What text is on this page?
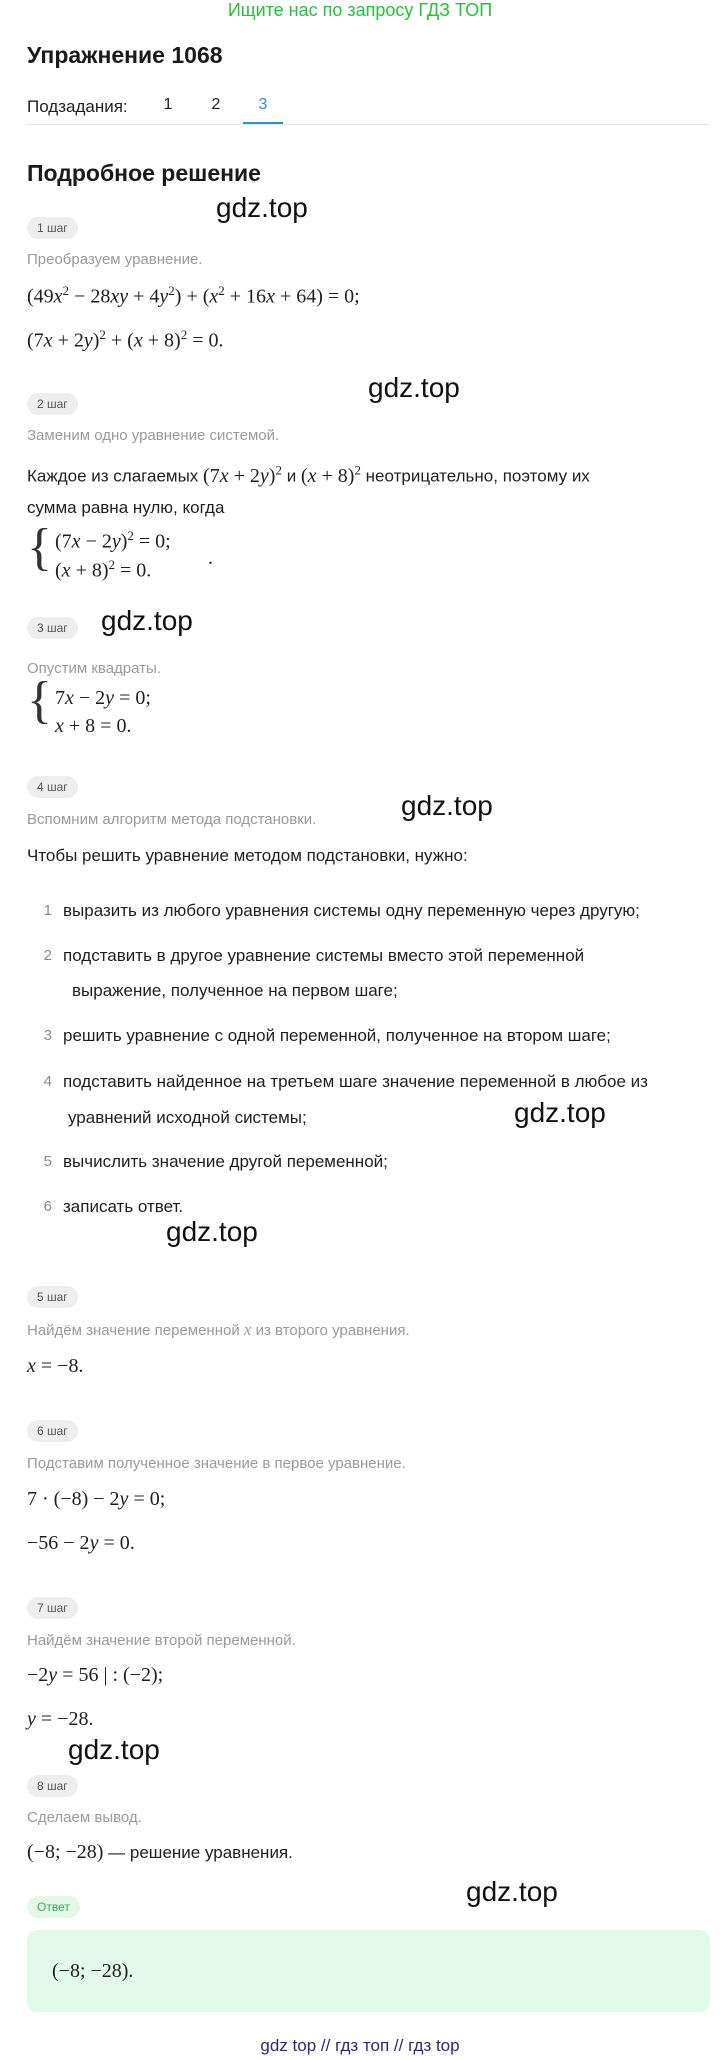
Ищите нас по запросу ГДЗ ТОП
Упражнение 1068
Подзадания:	1	2	3
Подробное решение
1 шаг
gdz.top
Преобразуем уравнение.
$(49x^2 - 28xy + 4y^2) + (x^2 + 16x + 64) = 0$;
$(7x + 2y)^2 + (x + 8)^2 = 0$.
gdz.top
2 шаг
Заменим одно уравнение системой.
Каждое из слагаемых $(7x + 2y)^2$ и $(x + 8)^2$ неотрицательно, поэтому их
сумма равна нулю, когда
{ $(7x - 2y)^2 = 0$;
$(x + 8)^2 = 0$.
.
gdz.top
3 шаг
Опустим квадраты.
{ 7x − 2y = 0;
x + 8 = 0.
4 шаг
Вспомним алгоритм метода подстановки.	gdz.top
Чтобы решить уравнение методом подстановки, нужно:
1 выразить из любого уравнения системы одну переменную через другую;
2 подставить в другое уравнение системы вместо этой переменной
выражение, полученное на первом шаге;
3 решить уравнение с одной переменной, полученное на втором шаге;
4 подставить найденное на третьем шаге значение переменной в любое из
уравнений исходной системы;	gdz.top
5 вычислить значение другой переменной;
6 записать ответ.
gdz.top
5 шаг
Найдём значение переменной x из второго уравнения.
x = −8.
6 шаг
Подставим полученное значение в первое уравнение.
7 · (−8) − 2y = 0;
−56 − 2y = 0.
7 шаг
Найдём значение второй переменной.
−2y = 56 | : (−2);
y = −28.
gdz.top
8 шаг
Сделаем вывод.
(−8; −28) — решение уравнения.
gdz.top
Ответ
(−8; −28).
gdz top // гдз топ // гдз top
